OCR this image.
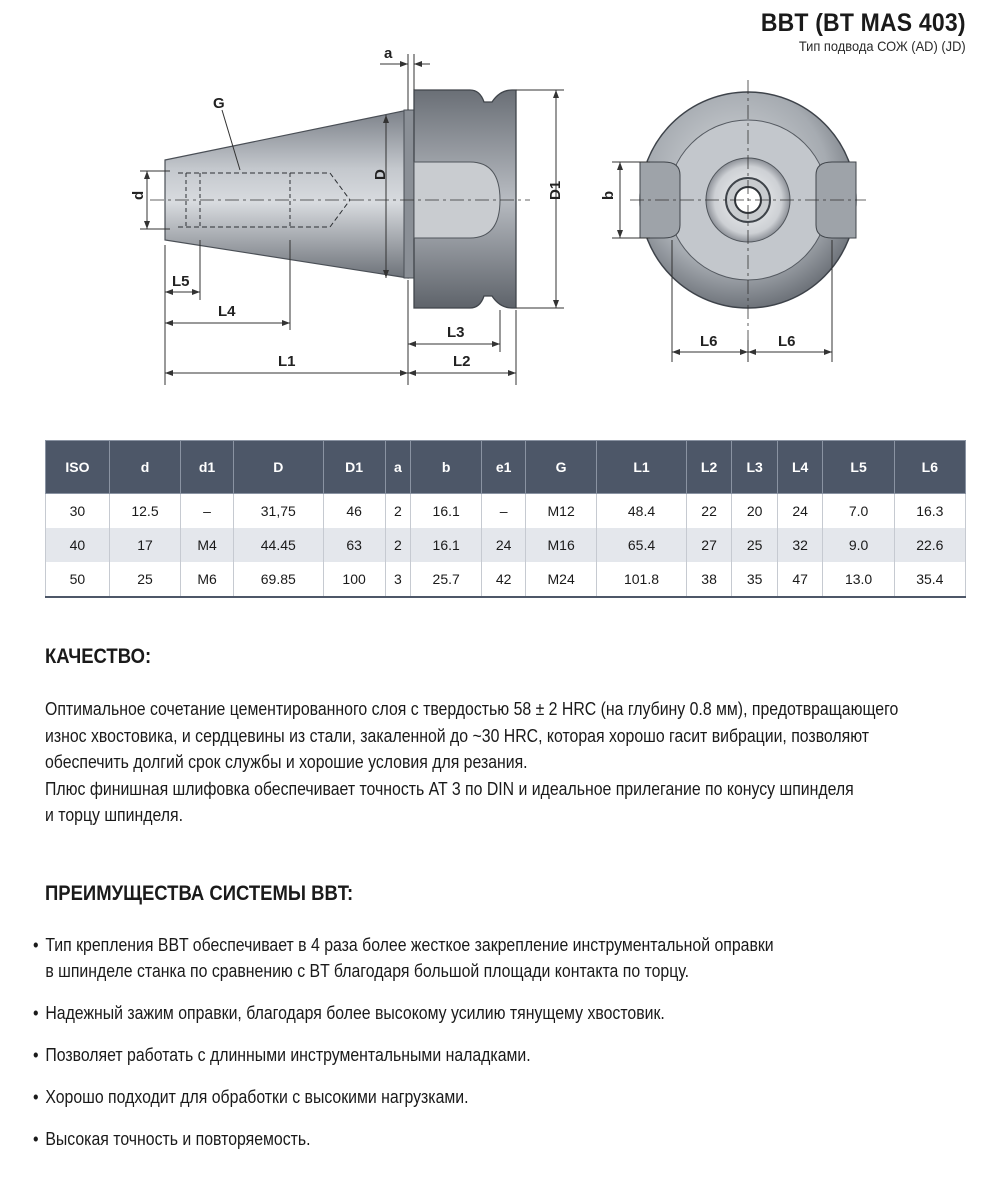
BBT (BT MAS 403)
Тип подвода СОЖ (AD) (JD)
a
G
d
D
D1
L5
L4
L1
L3
L2
b
L6	L6
ISO	d	d1	D	D1	a	b	e1	G	L1	L2	L3	L4	L5	L6
30	12.5	–	31,75	46	2	16.1	–	M12	48.4	22	20	24	7.0	16.3
40	17	M4	44.45	63	2	16.1	24	M16	65.4	27	25	32	9.0	22.6
50	25	M6	69.85	100	3	25.7	42	M24	101.8	38	35	47	13.0	35.4
КАЧЕСТВО:

Оптимальное сочетание цементированного слоя с твердостью 58 ± 2 HRC (на глубину 0.8 мм), предотвращающего

износ хвостовика, и сердцевины из стали, закаленной до ~30 HRC, которая хорошо гасит вибрации, позволяют

обеспечить долгий срок службы и хорошие условия для резания.

Плюс финишная шлифовка обеспечивает точность AT 3 по DIN и идеальное прилегание по конусу шпинделя

и торцу шпинделя.

ПРЕИМУЩЕСТВА СИСТЕМЫ BBT:
• Тип крепления BBT обеспечивает в 4 раза более жесткое закрепление инструментальной оправки
в шпинделе станка по сравнению с BT благодаря большой площади контакта по торцу.
• Надежный зажим оправки, благодаря более высокому усилию тянущему хвостовик.
• Позволяет работать с длинными инструментальными наладками.
• Хорошо подходит для обработки с высокими нагрузками.
• Высокая точность и повторяемость.
